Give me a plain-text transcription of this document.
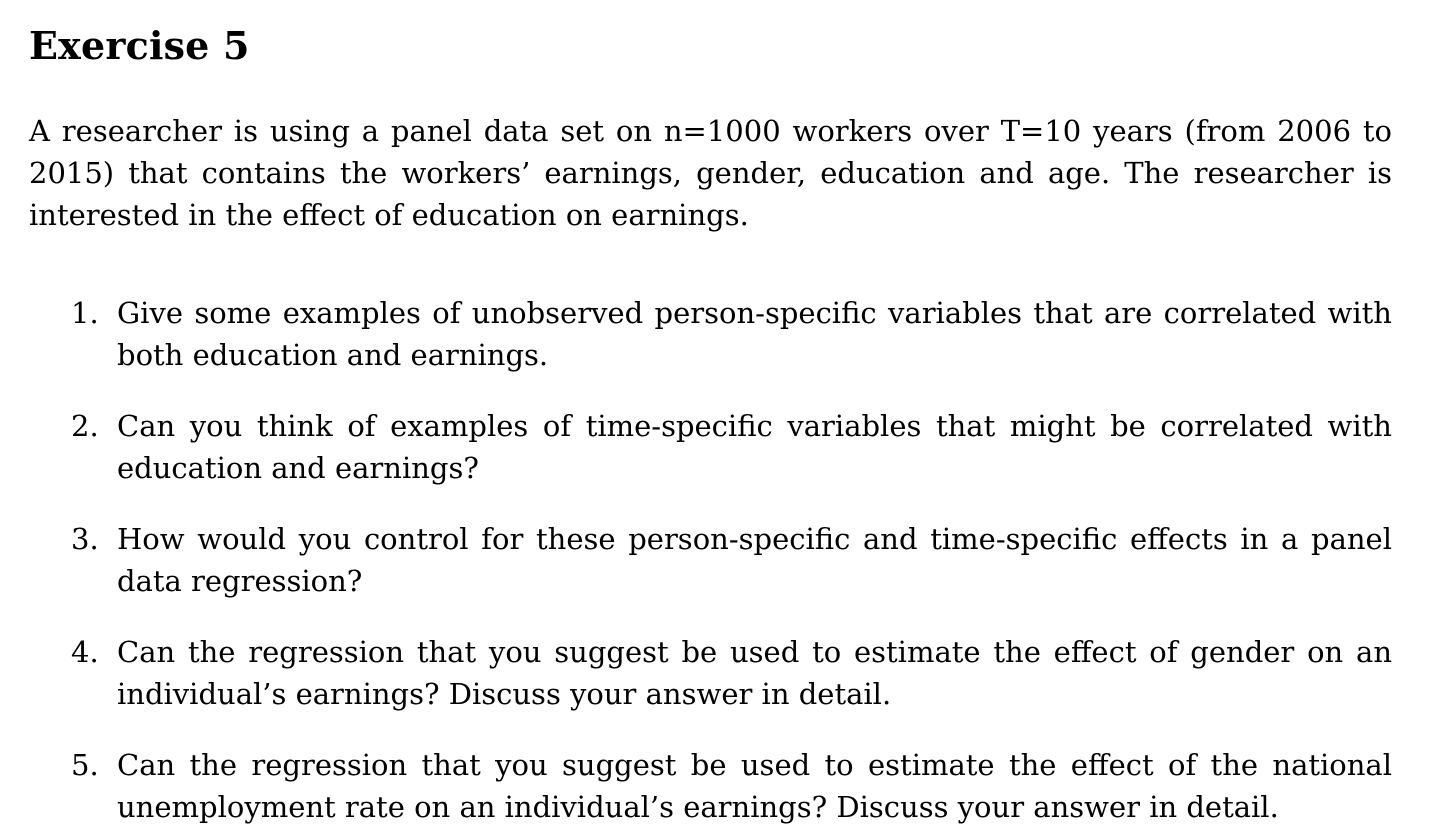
Exercise 5

A researcher is using a panel data set on n=1000 workers over T=10 years (from 2006 to 2015) that contains the workers’ earnings, gender, education and age. The researcher is interested in the effect of education on earnings.

1. Give some examples of unobserved person-specific variables that are correlated with both education and earnings.
2. Can you think of examples of time-specific variables that might be correlated with education and earnings?
3. How would you control for these person-specific and time-specific effects in a panel data regression?
4. Can the regression that you suggest be used to estimate the effect of gender on an individual’s earnings? Discuss your answer in detail.
5. Can the regression that you suggest be used to estimate the effect of the national unemployment rate on an individual’s earnings? Discuss your answer in detail.
